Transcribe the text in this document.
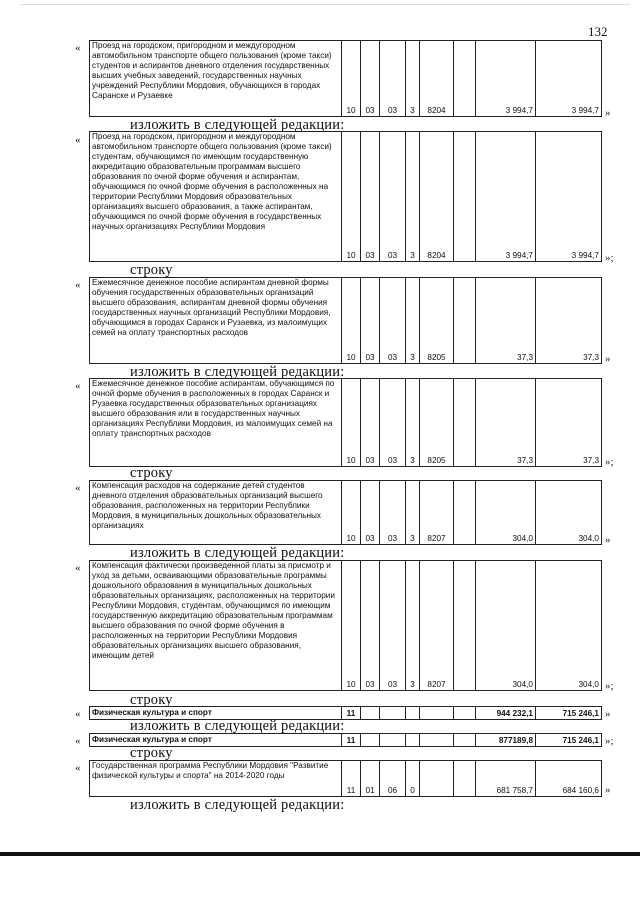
132
« Проезд на городском, пригородном и междугородном автомобильном транспорте общего пользования (кроме такси) студентов и аспирантов дневного отделения государственных высших учебных заведений, государственных научных учреждений Республики Мордовия, обучающихся в городах Саранске и Рузаевке	10	03	03	3	8204		3 994,7	3 994,7 »
изложить в следующей редакции:
« Проезд на городском, пригородном и междугородном автомобильном транспорте общего пользования (кроме такси) студентам, обучающимся по имеющим государственную аккредитацию образовательным программам высшего образования по очной форме обучения и аспирантам, обучающимся по очной форме обучения в расположенных на территории Республики Мордовия образовательных организациях высшего образования, а также аспирантам, обучающимся по очной форме обучения в государственных научных организациях Республики Мордовия	10	03	03	3	8204		3 994,7	3 994,7 »;
строку
« Ежемесячное денежное пособие аспирантам дневной формы обучения государственных образовательных организаций высшего образования, аспирантам дневной формы обучения государственных научных организаций Республики Мордовия, обучающимся в городах Саранск и Рузаевка, из малоимущих семей на оплату транспортных расходов	10	03	03	3	8205		37,3	37,3 »
изложить в следующей редакции:
« Ежемесячное денежное пособие аспирантам, обучающимся по очной форме обучения в расположенных в городах Саранск и Рузаевка государственных образовательных организациях высшего образования или в государственных научных организациях Республики Мордовия, из малоимущих семей на оплату транспортных расходов	10	03	03	3	8205		37,3	37,3 »;
строку
« Компенсация расходов на содержание детей студентов дневного отделения образовательных организаций высшего образования, расположенных на территории Республики Мордовия, в муниципальных дошкольных образовательных организациях	10	03	03	3	8207		304,0	304,0 »
изложить в следующей редакции:
« Компенсация фактически произведенной платы за присмотр и уход за детьми, осваивающими образовательные программы дошкольного образования в муниципальных дошкольных образовательных организациях, расположенных на территории Республики Мордовия, студентам, обучающимся по имеющим государственную аккредитацию образовательным программам высшего образования по очной форме обучения в расположенных на территории Республики Мордовия образовательных организациях высшего образования, имеющим детей	10	03	03	3	8207		304,0	304,0 »;
строку
« Физическая культура и спорт	11						944 232,1	715 246,1 »
изложить в следующей редакции:
« Физическая культура и спорт	11						877189,8	715 246,1 »;
строку
« Государственная программа Республики Мордовия "Развитие физической культуры и спорта" на 2014-2020 годы	11	01	06	0			681 758,7	684 160,6 »
изложить в следующей редакции:
